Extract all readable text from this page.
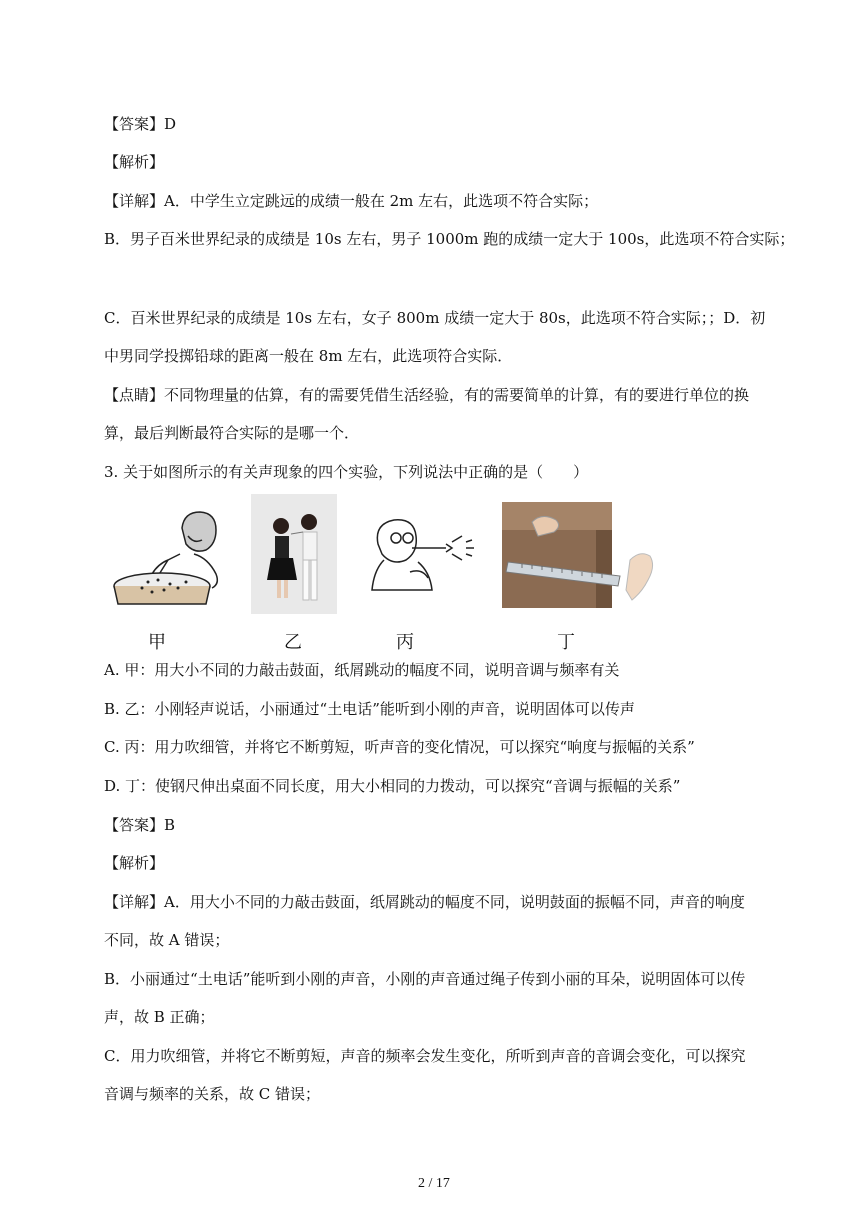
【答案】D
【解析】
【详解】A．中学生立定跳远的成绩一般在 2m 左右，此选项不符合实际；
B．男子百米世界纪录的成绩是 10s 左右，男子 1000m 跑的成绩一定大于 100s，此选项不符合实际；
C．百米世界纪录的成绩是 10s 左右，女子 800m 成绩一定大于 80s，此选项不符合实际；；D．初
中男同学投掷铅球的距离一般在 8m 左右，此选项符合实际．
【点睛】不同物理量的估算，有的需要凭借生活经验，有的需要简单的计算，有的要进行单位的换
算，最后判断最符合实际的是哪一个．
3. 关于如图所示的有关声现象的四个实验，下列说法中正确的是（　　）
甲	乙	丙	丁
A. 甲：用大小不同的力敲击鼓面，纸屑跳动的幅度不同，说明音调与频率有关
B. 乙：小刚轻声说话，小丽通过“土电话”能听到小刚的声音，说明固体可以传声
C. 丙：用力吹细管，并将它不断剪短，听声音的变化情况，可以探究“响度与振幅的关系”
D. 丁：使钢尺伸出桌面不同长度，用大小相同的力拨动，可以探究“音调与振幅的关系”
【答案】B
【解析】
【详解】A．用大小不同的力敲击鼓面，纸屑跳动的幅度不同，说明鼓面的振幅不同，声音的响度
不同，故 A 错误；
B．小丽通过“土电话”能听到小刚的声音，小刚的声音通过绳子传到小丽的耳朵，说明固体可以传
声，故 B 正确；
C．用力吹细管，并将它不断剪短，声音的频率会发生变化，所听到声音的音调会变化，可以探究
音调与频率的关系，故 C 错误；
2 / 17
